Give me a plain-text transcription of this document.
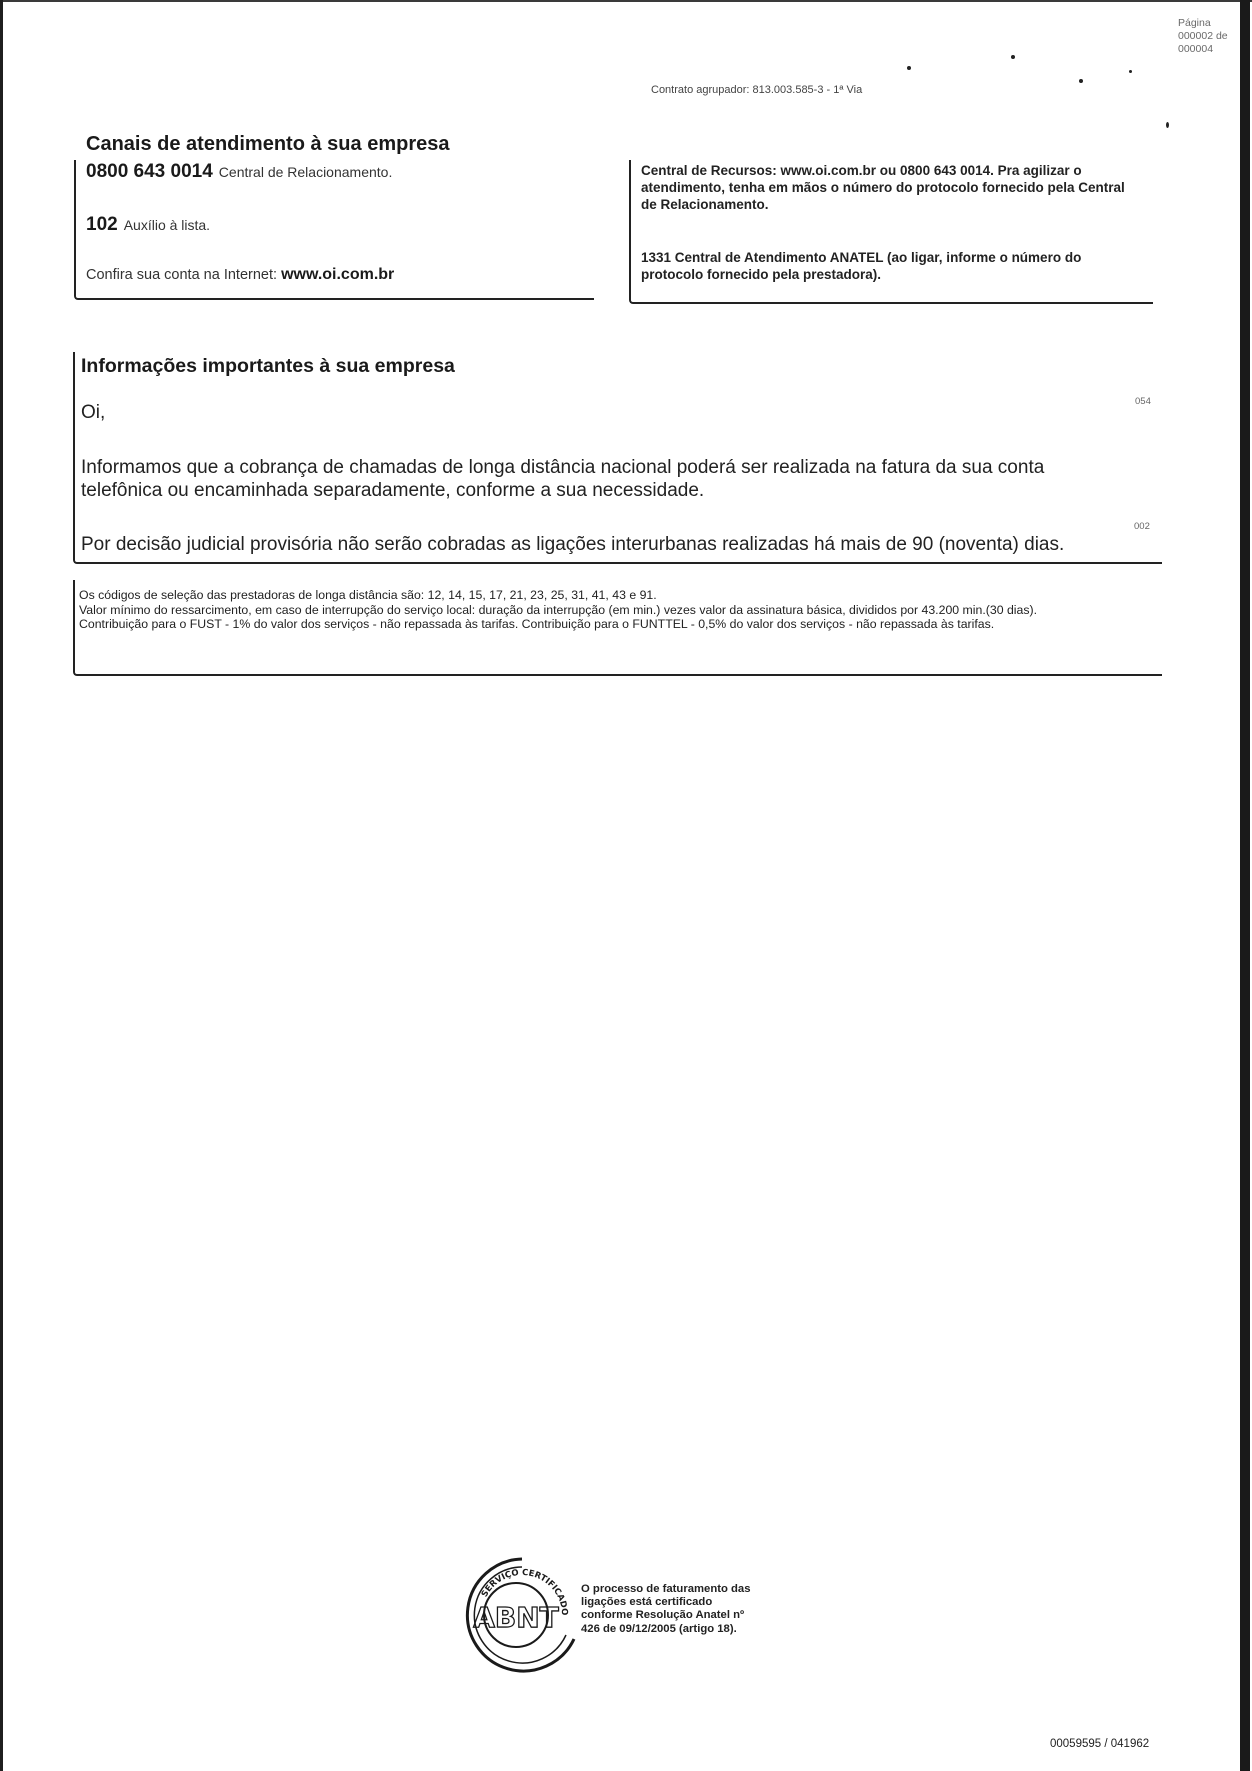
Página
000002 de
000004
Contrato agrupador: 813.003.585-3 - 1ª Via
Canais de atendimento à sua empresa
0800 643 0014 Central de Relacionamento.
102 Auxílio à lista.
Confira sua conta na Internet: www.oi.com.br
Central de Recursos: www.oi.com.br ou 0800 643 0014. Pra agilizar o atendimento, tenha em mãos o número do protocolo fornecido pela Central de Relacionamento.
1331 Central de Atendimento ANATEL (ao ligar, informe o número do protocolo fornecido pela prestadora).
Informações importantes à sua empresa
054
Oi,
Informamos que a cobrança de chamadas de longa distância nacional poderá ser realizada na fatura da sua conta telefônica ou encaminhada separadamente, conforme a sua necessidade.
002
Por decisão judicial provisória não serão cobradas as ligações interurbanas realizadas há mais de 90 (noventa) dias.
Os códigos de seleção das prestadoras de longa distância são: 12, 14, 15, 17, 21, 23, 25, 31, 41, 43 e 91.
Valor mínimo do ressarcimento, em caso de interrupção do serviço local: duração da interrupção (em min.) vezes valor da assinatura básica, divididos por 43.200 min.(30 dias).
Contribuição para o FUST - 1% do valor dos serviços - não repassada às tarifas. Contribuição para o FUNTTEL - 0,5% do valor dos serviços - não repassada às tarifas.
SERVIÇO CERTIFICADO
ABNT
O processo de faturamento das ligações está certificado conforme Resolução Anatel nº 426 de 09/12/2005 (artigo 18).
00059595 / 041962
